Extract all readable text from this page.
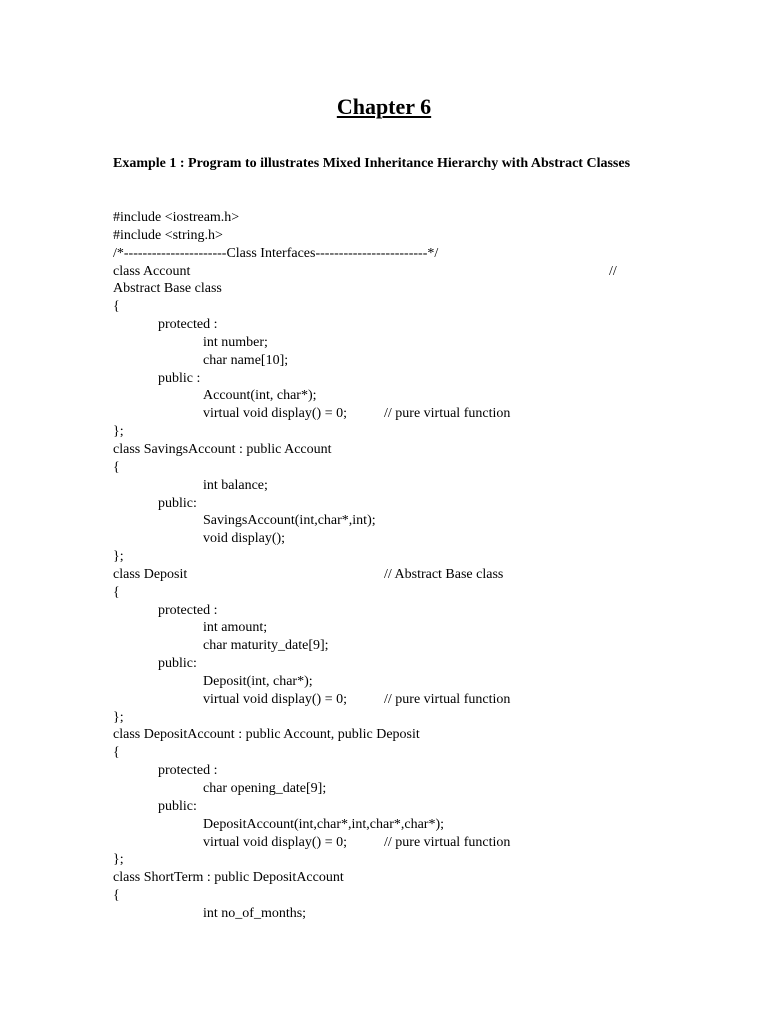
Chapter 6
Example 1 : Program to illustrates Mixed Inheritance Hierarchy with Abstract Classes
#include <iostream.h>
#include <string.h>
/*----------------------Class Interfaces------------------------*/
class Account	//
Abstract Base class
{
protected :
int number;
char name[10];
public :
Account(int, char*);
virtual void display() = 0;	// pure virtual function
};
class SavingsAccount : public Account
{
int balance;
public:
SavingsAccount(int,char*,int);
void display();
};
class Deposit	// Abstract Base class
{
protected :
int amount;
char maturity_date[9];
public:
Deposit(int, char*);
virtual void display() = 0;	// pure virtual function
};
class DepositAccount : public Account, public Deposit
{
protected :
char opening_date[9];
public:
DepositAccount(int,char*,int,char*,char*);
virtual void display() = 0;	// pure virtual function
};
class ShortTerm : public DepositAccount
{
int no_of_months;
